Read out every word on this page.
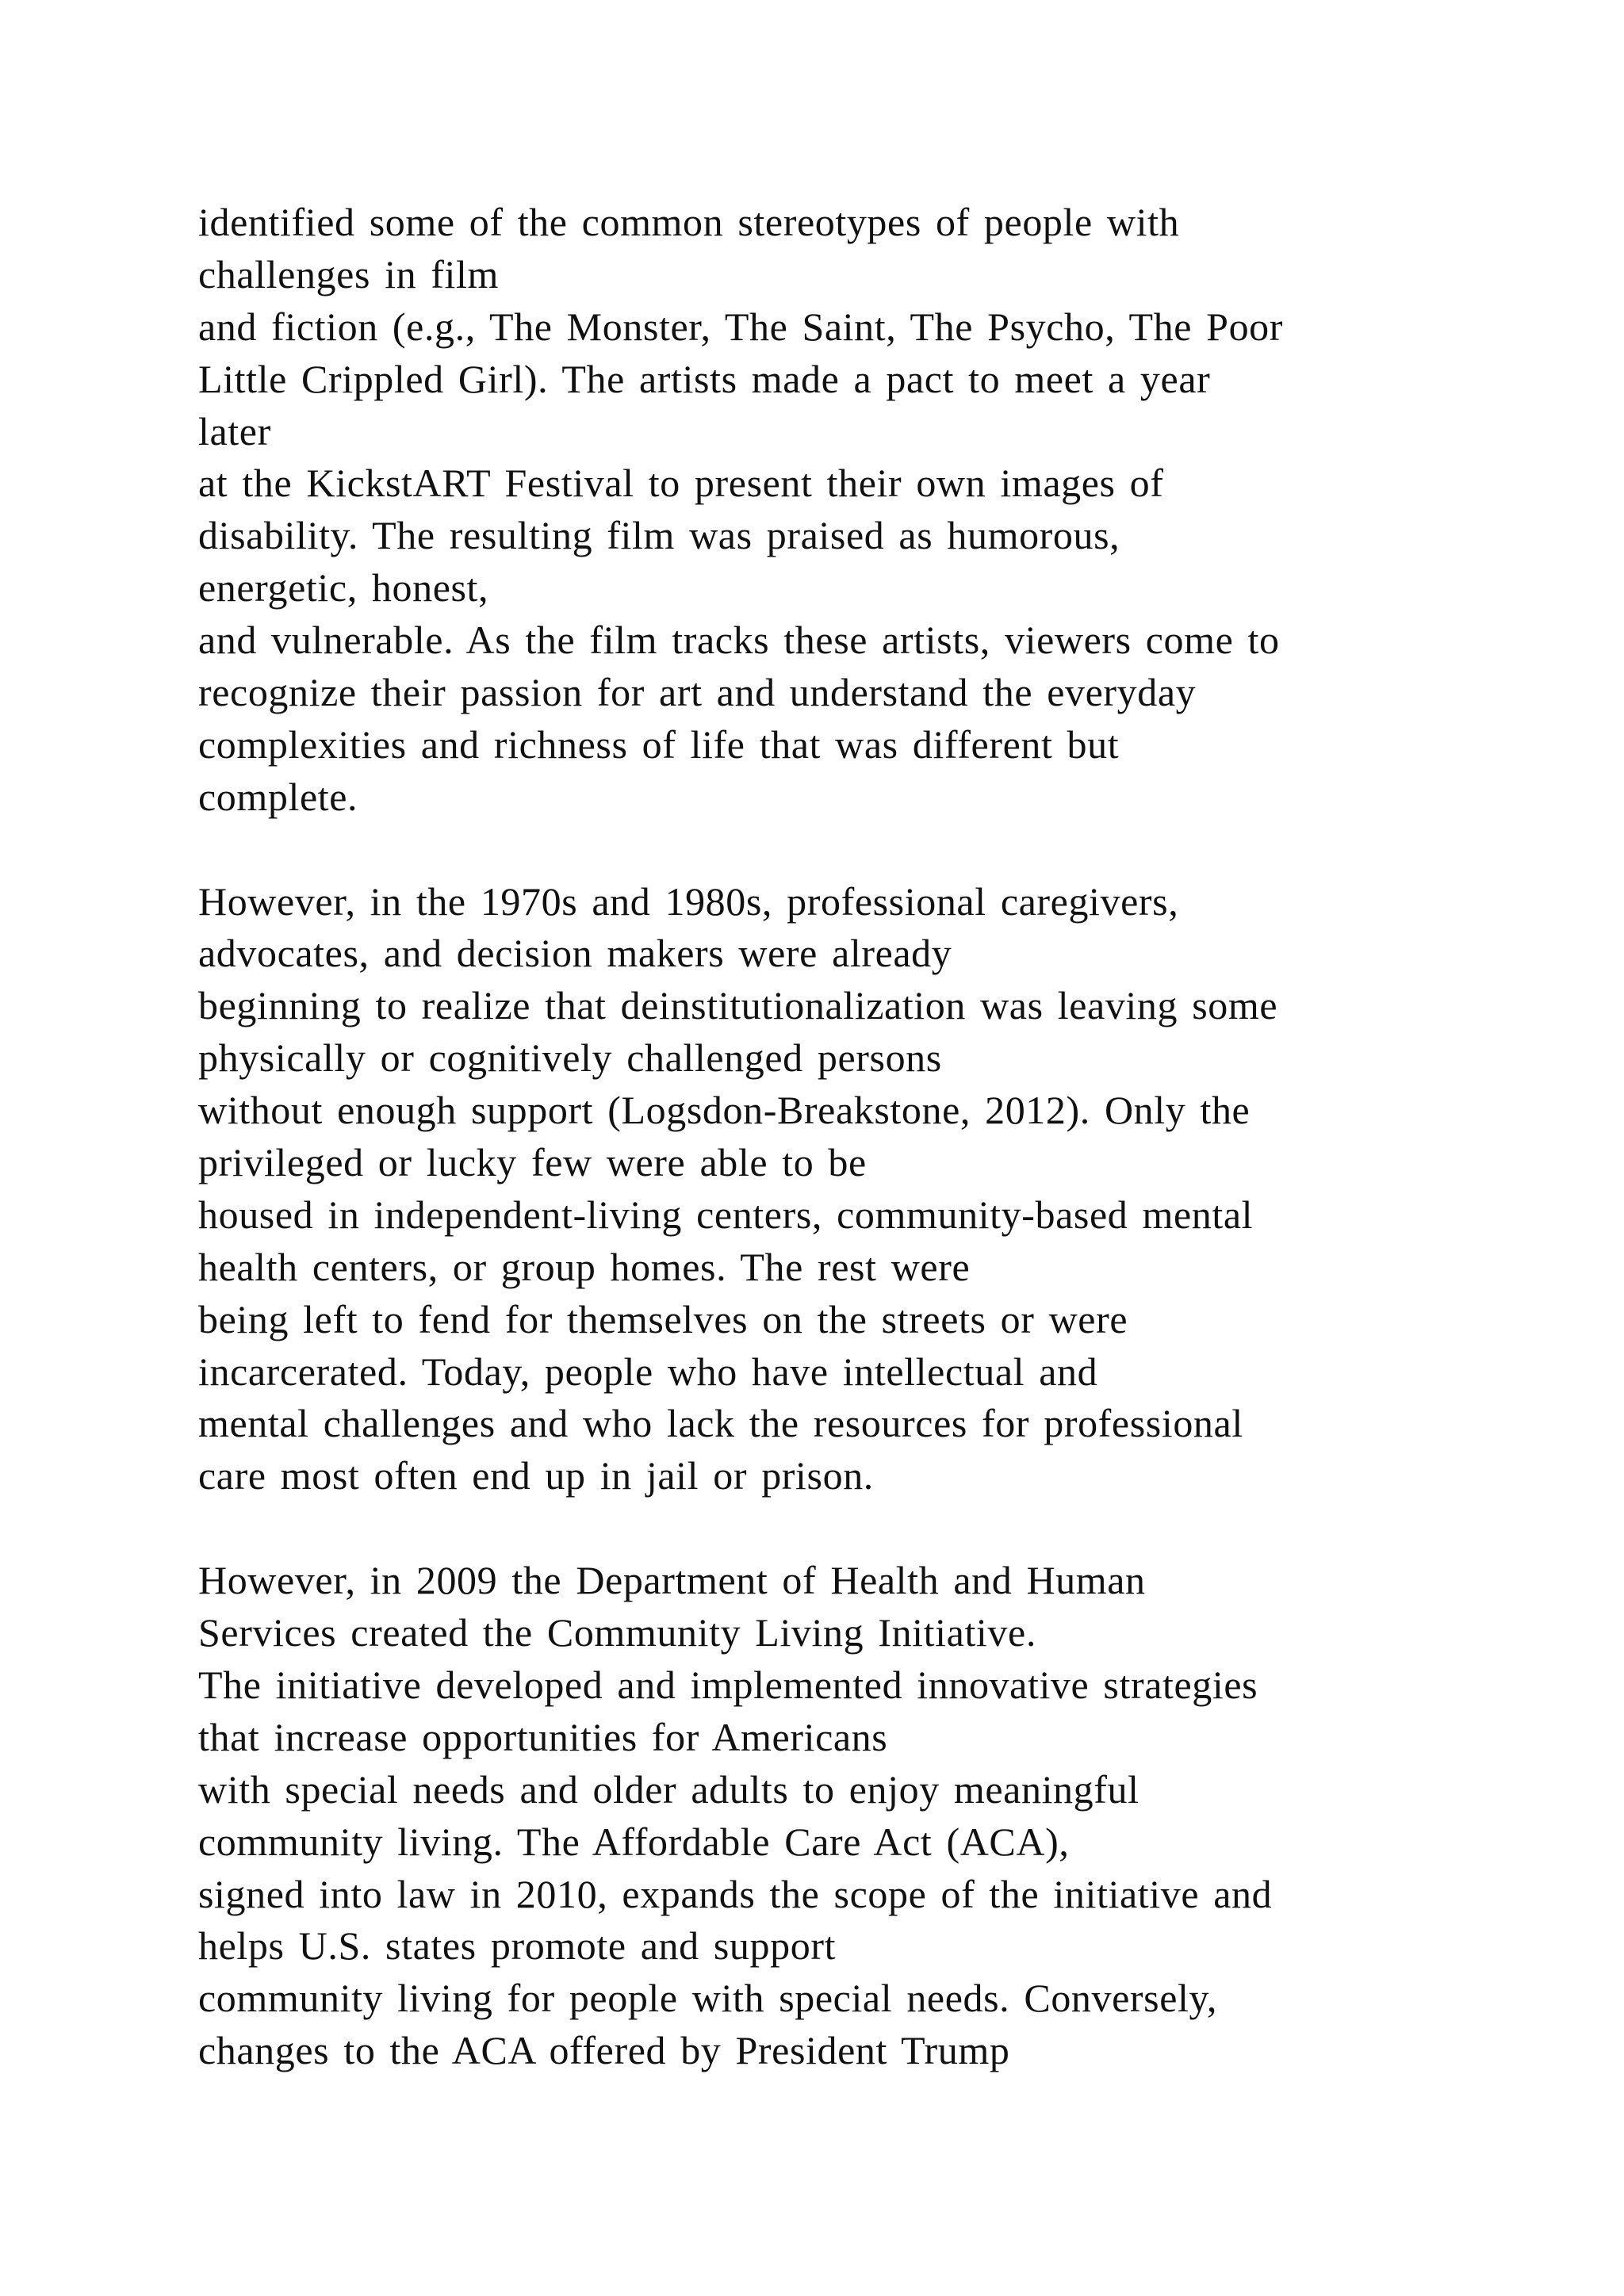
identified some of the common stereotypes of people with
challenges in film
and fiction (e.g., The Monster, The Saint, The Psycho, The Poor
Little Crippled Girl). The artists made a pact to meet a year
later
at the KickstART Festival to present their own images of
disability. The resulting film was praised as humorous,
energetic, honest,
and vulnerable. As the film tracks these artists, viewers come to
recognize their passion for art and understand the everyday
complexities and richness of life that was different but
complete.

However, in the 1970s and 1980s, professional caregivers,
advocates, and decision makers were already
beginning to realize that deinstitutionalization was leaving some
physically or cognitively challenged persons
without enough support (Logsdon-Breakstone, 2012). Only the
privileged or lucky few were able to be
housed in independent-living centers, community-based mental
health centers, or group homes. The rest were
being left to fend for themselves on the streets or were
incarcerated. Today, people who have intellectual and
mental challenges and who lack the resources for professional
care most often end up in jail or prison.

However, in 2009 the Department of Health and Human
Services created the Community Living Initiative.
The initiative developed and implemented innovative strategies
that increase opportunities for Americans
with special needs and older adults to enjoy meaningful
community living. The Affordable Care Act (ACA),
signed into law in 2010, expands the scope of the initiative and
helps U.S. states promote and support
community living for people with special needs. Conversely,
changes to the ACA offered by President Trump
